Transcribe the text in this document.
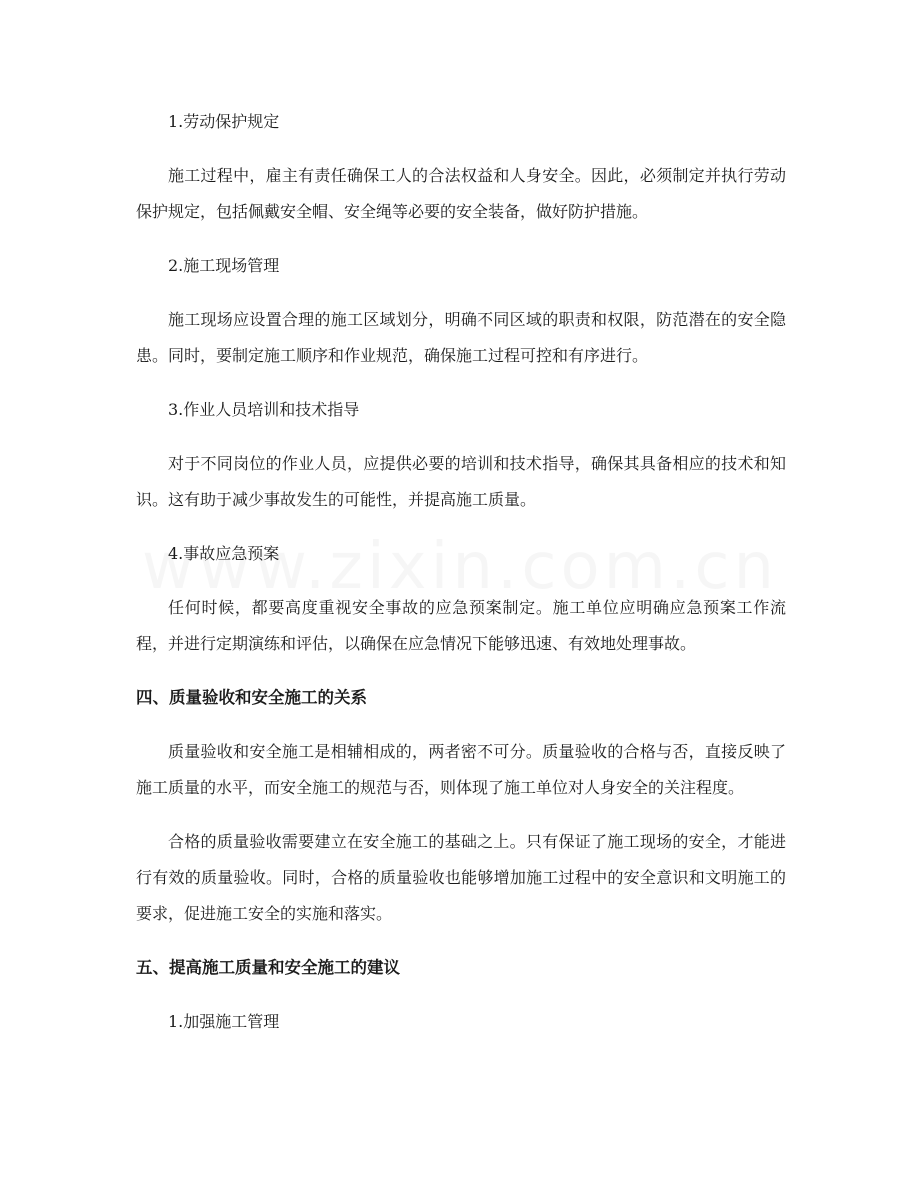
1.劳动保护规定

施工过程中，雇主有责任确保工人的合法权益和人身安全。因此，必须制定并执行劳动保护规定，包括佩戴安全帽、安全绳等必要的安全装备，做好防护措施。

2.施工现场管理

施工现场应设置合理的施工区域划分，明确不同区域的职责和权限，防范潜在的安全隐患。同时，要制定施工顺序和作业规范，确保施工过程可控和有序进行。

3.作业人员培训和技术指导

对于不同岗位的作业人员，应提供必要的培训和技术指导，确保其具备相应的技术和知识。这有助于减少事故发生的可能性，并提高施工质量。

4.事故应急预案

任何时候，都要高度重视安全事故的应急预案制定。施工单位应明确应急预案工作流程，并进行定期演练和评估，以确保在应急情况下能够迅速、有效地处理事故。

四、质量验收和安全施工的关系

质量验收和安全施工是相辅相成的，两者密不可分。质量验收的合格与否，直接反映了施工质量的水平，而安全施工的规范与否，则体现了施工单位对人身安全的关注程度。

合格的质量验收需要建立在安全施工的基础之上。只有保证了施工现场的安全，才能进行有效的质量验收。同时，合格的质量验收也能够增加施工过程中的安全意识和文明施工的要求，促进施工安全的实施和落实。

五、提高施工质量和安全施工的建议
1.加强施工管理
